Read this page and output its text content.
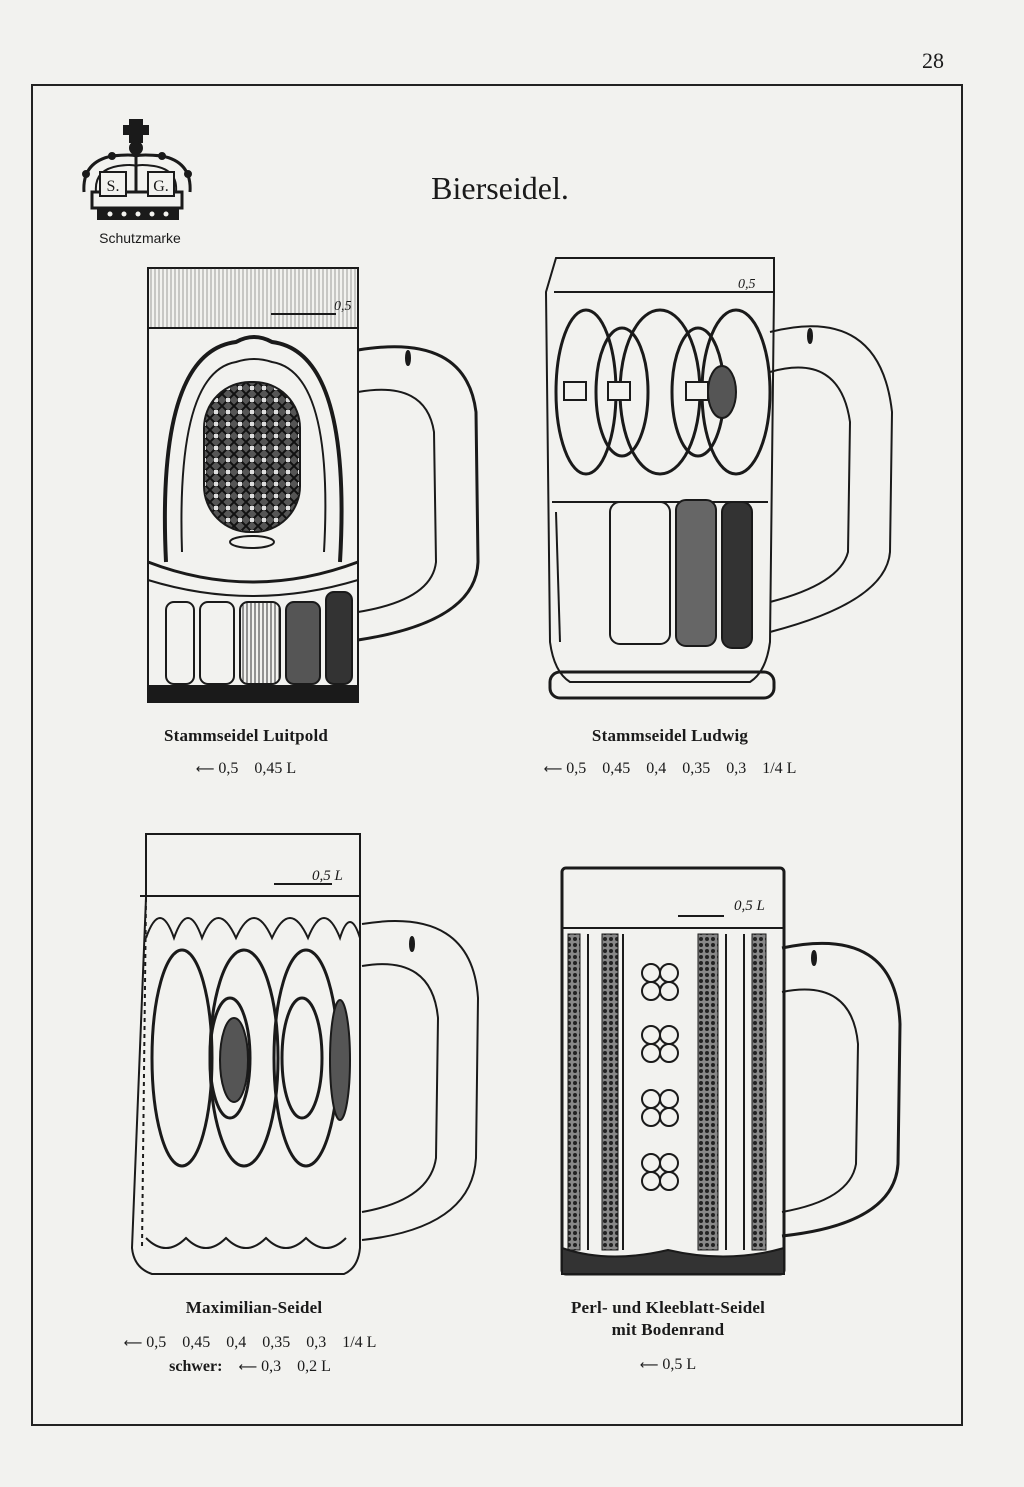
28
S. G.
Schutzmarke
Bierseidel.
0,5
Stammseidel Luitpold
⟵ 0,5 0,45 L
0,5
Stammseidel Ludwig
⟵ 0,5 0,45 0,4 0,35 0,3 1/4 L
0,5 L
Maximilian-Seidel
⟵ 0,5 0,45 0,4 0,35 0,3 1/4 L
schwer: ⟵ 0,3 0,2 L
0,5 L
Perl- und Kleeblatt-Seidel
mit Bodenrand
⟵ 0,5 L
